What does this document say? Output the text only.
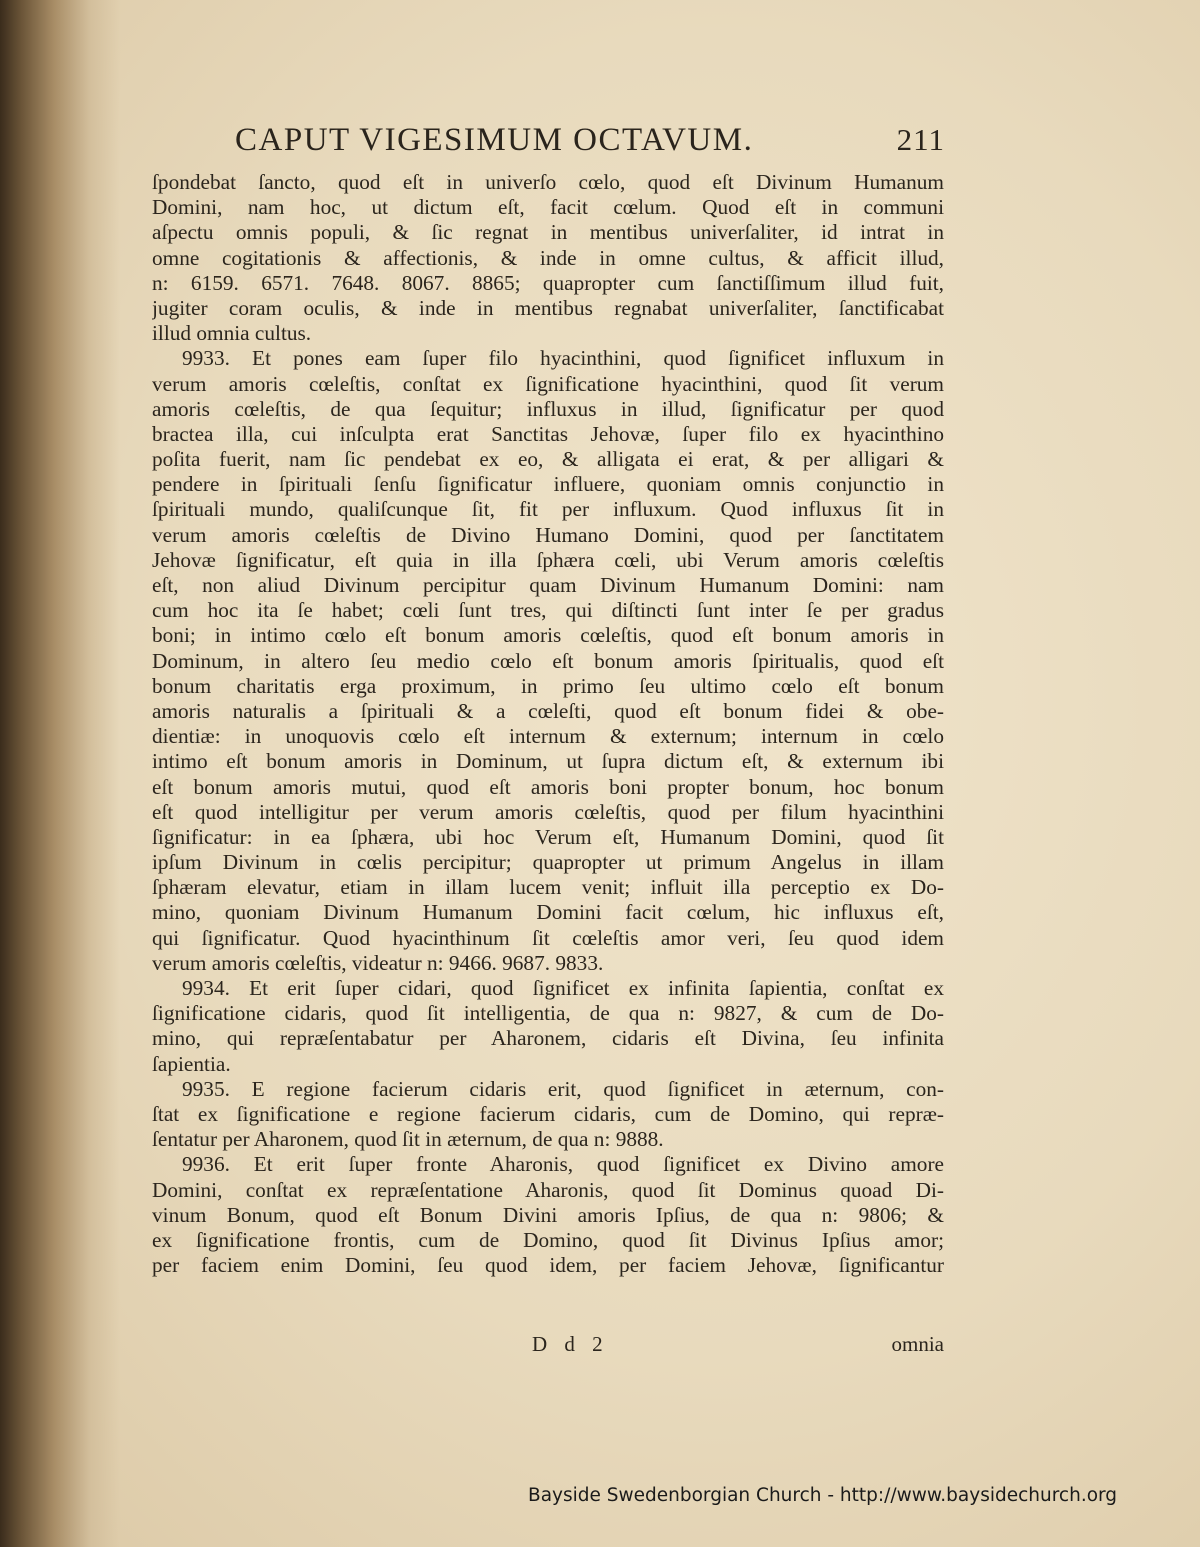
CAPUT VIGESIMUM OCTAVUM.	211
ſpondebat ſancto, quod eſt in univerſo cœlo, quod eſt Divinum Humanum
Domini, nam hoc, ut dictum eſt, facit cœlum. Quod eſt in communi
aſpectu omnis populi, & ſic regnat in mentibus univerſaliter, id intrat in
omne cogitationis & affectionis, & inde in omne cultus, & afficit illud,
n: 6159. 6571. 7648. 8067. 8865; quapropter cum ſanctiſſimum illud fuit,
jugiter coram oculis, & inde in mentibus regnabat univerſaliter, ſanctificabat
illud omnia cultus.
9933. Et pones eam ſuper filo hyacinthini, quod ſignificet influxum in
verum amoris cœleſtis, conſtat ex ſignificatione hyacinthini, quod ſit verum
amoris cœleſtis, de qua ſequitur; influxus in illud, ſignificatur per quod
bractea illa, cui inſculpta erat Sanctitas Jehovæ, ſuper filo ex hyacinthino
poſita fuerit, nam ſic pendebat ex eo, & alligata ei erat, & per alligari &
pendere in ſpirituali ſenſu ſignificatur influere, quoniam omnis conjunctio in
ſpirituali mundo, qualiſcunque ſit, fit per influxum. Quod influxus ſit in
verum amoris cœleſtis de Divino Humano Domini, quod per ſanctitatem
Jehovæ ſignificatur, eſt quia in illa ſphæra cœli, ubi Verum amoris cœleſtis
eſt, non aliud Divinum percipitur quam Divinum Humanum Domini: nam
cum hoc ita ſe habet; cœli ſunt tres, qui diſtincti ſunt inter ſe per gradus
boni; in intimo cœlo eſt bonum amoris cœleſtis, quod eſt bonum amoris in
Dominum, in altero ſeu medio cœlo eſt bonum amoris ſpiritualis, quod eſt
bonum charitatis erga proximum, in primo ſeu ultimo cœlo eſt bonum
amoris naturalis a ſpirituali & a cœleſti, quod eſt bonum fidei & obe-
dientiæ: in unoquovis cœlo eſt internum & externum; internum in cœlo
intimo eſt bonum amoris in Dominum, ut ſupra dictum eſt, & externum ibi
eſt bonum amoris mutui, quod eſt amoris boni propter bonum, hoc bonum
eſt quod intelligitur per verum amoris cœleſtis, quod per filum hyacinthini
ſignificatur: in ea ſphæra, ubi hoc Verum eſt, Humanum Domini, quod ſit
ipſum Divinum in cœlis percipitur; quapropter ut primum Angelus in illam
ſphæram elevatur, etiam in illam lucem venit; influit illa perceptio ex Do-
mino, quoniam Divinum Humanum Domini facit cœlum, hic influxus eſt,
qui ſignificatur. Quod hyacinthinum ſit cœleſtis amor veri, ſeu quod idem
verum amoris cœleſtis, videatur n: 9466. 9687. 9833.
9934. Et erit ſuper cidari, quod ſignificet ex infinita ſapientia, conſtat ex
ſignificatione cidaris, quod ſit intelligentia, de qua n: 9827, & cum de Do-
mino, qui repræſentabatur per Aharonem, cidaris eſt Divina, ſeu infinita
ſapientia.
9935. E regione facierum cidaris erit, quod ſignificet in æternum, con-
ſtat ex ſignificatione e regione facierum cidaris, cum de Domino, qui repræ-
ſentatur per Aharonem, quod ſit in æternum, de qua n: 9888.
9936. Et erit ſuper fronte Aharonis, quod ſignificet ex Divino amore
Domini, conſtat ex repræſentatione Aharonis, quod ſit Dominus quoad Di-
vinum Bonum, quod eſt Bonum Divini amoris Ipſius, de qua n: 9806; &
ex ſignificatione frontis, cum de Domino, quod ſit Divinus Ipſius amor;
per faciem enim Domini, ſeu quod idem, per faciem Jehovæ, ſignificantur
D d 2	omnia
Bayside Swedenborgian Church - http://www.baysidechurch.org
